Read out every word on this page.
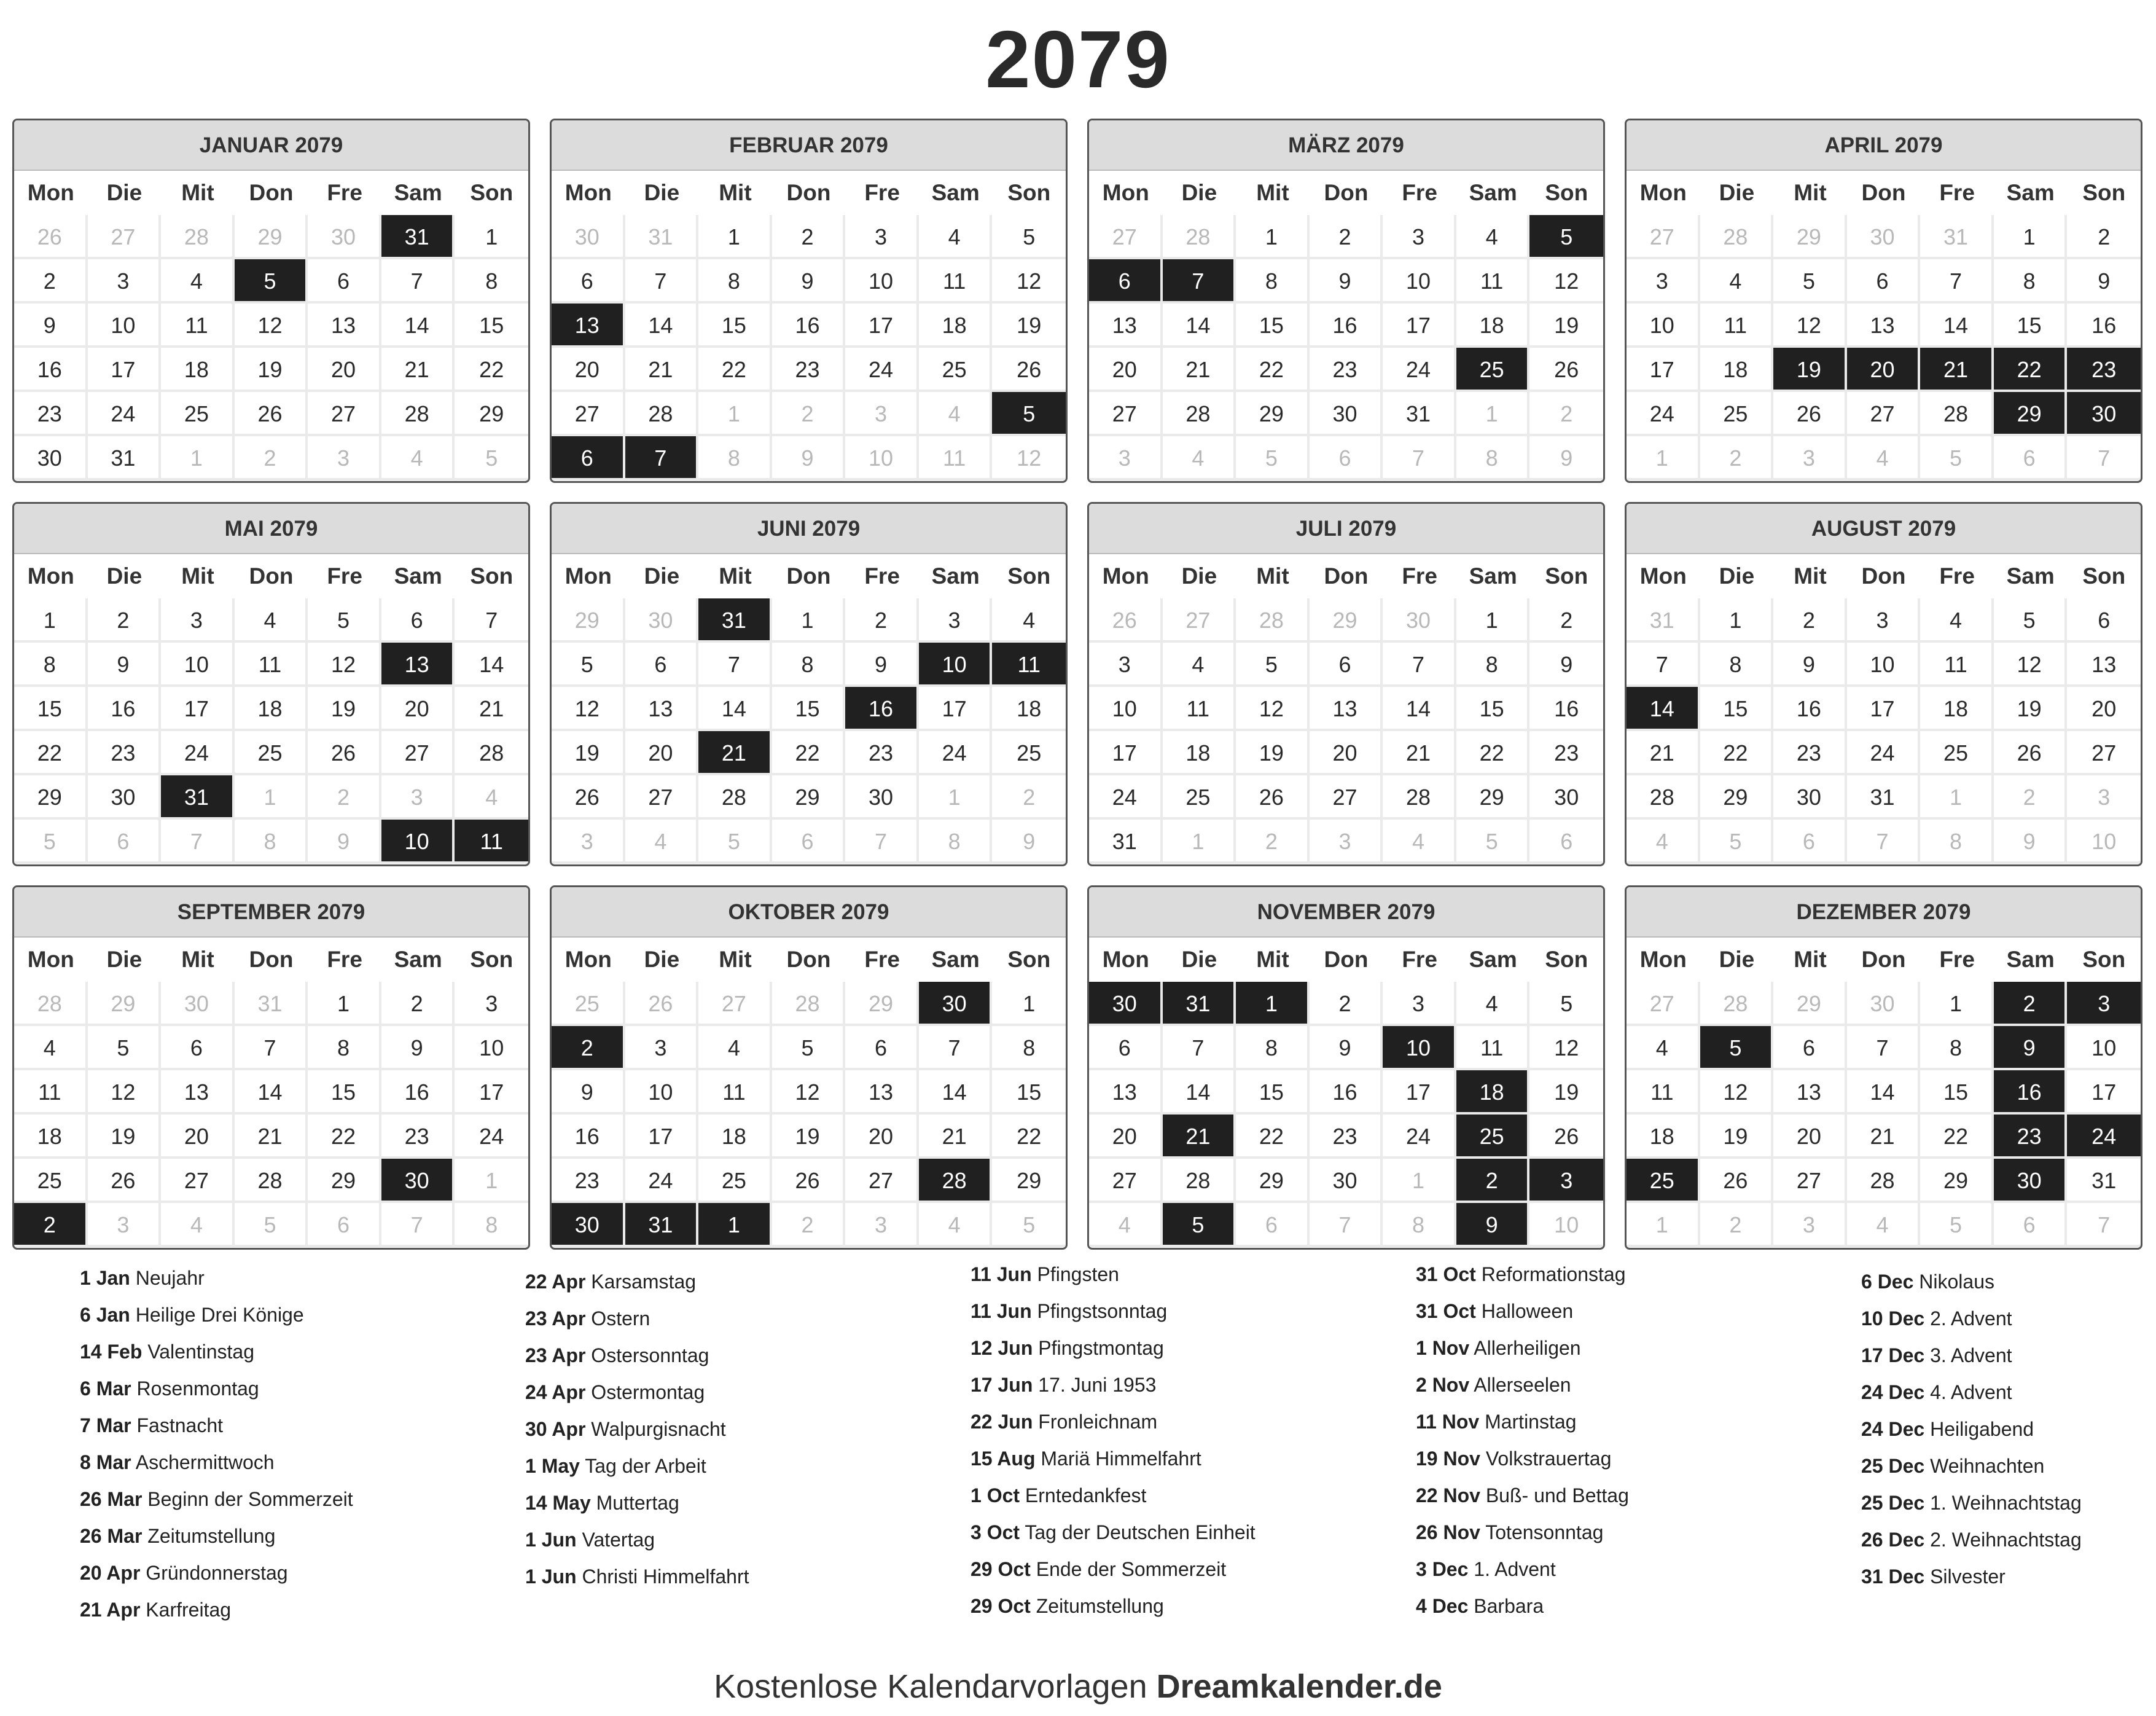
2079
JANUAR 2079
Mon	Die	Mit	Don	Fre	Sam	Son
26	27	28	29	30	31	1
2	3	4	5	6	7	8
9	10	11	12	13	14	15
16	17	18	19	20	21	22
23	24	25	26	27	28	29
30	31	1	2	3	4	5
FEBRUAR 2079
Mon	Die	Mit	Don	Fre	Sam	Son
30	31	1	2	3	4	5
6	7	8	9	10	11	12
13	14	15	16	17	18	19
20	21	22	23	24	25	26
27	28	1	2	3	4	5
6	7	8	9	10	11	12
MÄRZ 2079
Mon	Die	Mit	Don	Fre	Sam	Son
27	28	1	2	3	4	5
6	7	8	9	10	11	12
13	14	15	16	17	18	19
20	21	22	23	24	25	26
27	28	29	30	31	1	2
3	4	5	6	7	8	9
APRIL 2079
Mon	Die	Mit	Don	Fre	Sam	Son
27	28	29	30	31	1	2
3	4	5	6	7	8	9
10	11	12	13	14	15	16
17	18	19	20	21	22	23
24	25	26	27	28	29	30
1	2	3	4	5	6	7
MAI 2079
Mon	Die	Mit	Don	Fre	Sam	Son
1	2	3	4	5	6	7
8	9	10	11	12	13	14
15	16	17	18	19	20	21
22	23	24	25	26	27	28
29	30	31	1	2	3	4
5	6	7	8	9	10	11
JUNI 2079
Mon	Die	Mit	Don	Fre	Sam	Son
29	30	31	1	2	3	4
5	6	7	8	9	10	11
12	13	14	15	16	17	18
19	20	21	22	23	24	25
26	27	28	29	30	1	2
3	4	5	6	7	8	9
JULI 2079
Mon	Die	Mit	Don	Fre	Sam	Son
26	27	28	29	30	1	2
3	4	5	6	7	8	9
10	11	12	13	14	15	16
17	18	19	20	21	22	23
24	25	26	27	28	29	30
31	1	2	3	4	5	6
AUGUST 2079
Mon	Die	Mit	Don	Fre	Sam	Son
31	1	2	3	4	5	6
7	8	9	10	11	12	13
14	15	16	17	18	19	20
21	22	23	24	25	26	27
28	29	30	31	1	2	3
4	5	6	7	8	9	10
SEPTEMBER 2079
Mon	Die	Mit	Don	Fre	Sam	Son
28	29	30	31	1	2	3
4	5	6	7	8	9	10
11	12	13	14	15	16	17
18	19	20	21	22	23	24
25	26	27	28	29	30	1
2	3	4	5	6	7	8
OKTOBER 2079
Mon	Die	Mit	Don	Fre	Sam	Son
25	26	27	28	29	30	1
2	3	4	5	6	7	8
9	10	11	12	13	14	15
16	17	18	19	20	21	22
23	24	25	26	27	28	29
30	31	1	2	3	4	5
NOVEMBER 2079
Mon	Die	Mit	Don	Fre	Sam	Son
30	31	1	2	3	4	5
6	7	8	9	10	11	12
13	14	15	16	17	18	19
20	21	22	23	24	25	26
27	28	29	30	1	2	3
4	5	6	7	8	9	10
DEZEMBER 2079
Mon	Die	Mit	Don	Fre	Sam	Son
27	28	29	30	1	2	3
4	5	6	7	8	9	10
11	12	13	14	15	16	17
18	19	20	21	22	23	24
25	26	27	28	29	30	31
1	2	3	4	5	6	7
1 Jan Neujahr
6 Jan Heilige Drei Könige
14 Feb Valentinstag
6 Mar Rosenmontag
7 Mar Fastnacht
8 Mar Aschermittwoch
26 Mar Beginn der Sommerzeit
26 Mar Zeitumstellung
20 Apr Gründonnerstag
21 Apr Karfreitag
22 Apr Karsamstag
23 Apr Ostern
23 Apr Ostersonntag
24 Apr Ostermontag
30 Apr Walpurgisnacht
1 May Tag der Arbeit
14 May Muttertag
1 Jun Vatertag
1 Jun Christi Himmelfahrt
11 Jun Pfingsten
11 Jun Pfingstsonntag
12 Jun Pfingstmontag
17 Jun 17. Juni 1953
22 Jun Fronleichnam
15 Aug Mariä Himmelfahrt
1 Oct Erntedankfest
3 Oct Tag der Deutschen Einheit
29 Oct Ende der Sommerzeit
29 Oct Zeitumstellung
31 Oct Reformationstag
31 Oct Halloween
1 Nov Allerheiligen
2 Nov Allerseelen
11 Nov Martinstag
19 Nov Volkstrauertag
22 Nov Buß- und Bettag
26 Nov Totensonntag
3 Dec 1. Advent
4 Dec Barbara
6 Dec Nikolaus
10 Dec 2. Advent
17 Dec 3. Advent
24 Dec 4. Advent
24 Dec Heiligabend
25 Dec Weihnachten
25 Dec 1. Weihnachtstag
26 Dec 2. Weihnachtstag
31 Dec Silvester
Kostenlose Kalendarvorlagen Dreamkalender.de
